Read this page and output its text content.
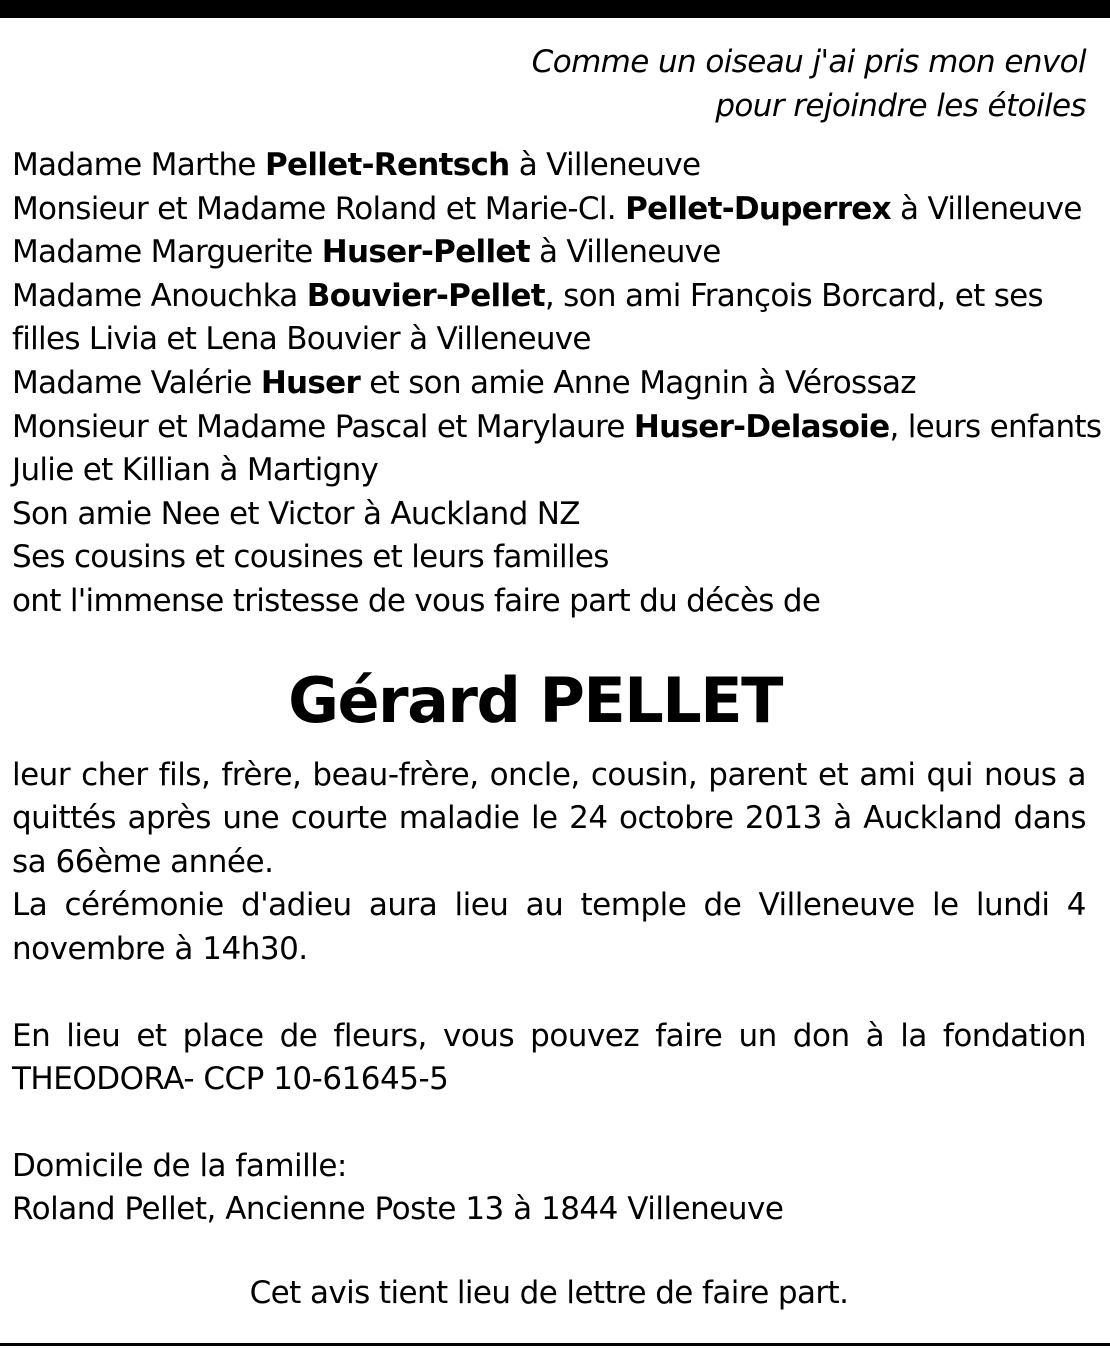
Comme un oiseau j'ai pris mon envol
pour rejoindre les étoiles
Madame Marthe Pellet-Rentsch à Villeneuve
Monsieur et Madame Roland et Marie-Cl. Pellet-Duperrex à Villeneuve
Madame Marguerite Huser-Pellet à Villeneuve
Madame Anouchka Bouvier-Pellet, son ami François Borcard, et ses
filles Livia et Lena Bouvier à Villeneuve
Madame Valérie Huser et son amie Anne Magnin à Vérossaz
Monsieur et Madame Pascal et Marylaure Huser-Delasoie, leurs enfants
Julie et Killian à Martigny
Son amie Nee et Victor à Auckland NZ
Ses cousins et cousines et leurs familles
ont l'immense tristesse de vous faire part du décès de
Gérard PELLET

leur cher fils, frère, beau-frère, oncle, cousin, parent et ami qui nous a quittés après une courte maladie le 24 octobre 2013 à Auckland dans sa 66ème année.

La cérémonie d'adieu aura lieu au temple de Villeneuve le lundi 4 novembre à 14h30.

En lieu et place de fleurs, vous pouvez faire un don à la fondation THEODORA- CCP 10-61645-5

Domicile de la famille:

Roland Pellet, Ancienne Poste 13 à 1844 Villeneuve

Cet avis tient lieu de lettre de faire part.
